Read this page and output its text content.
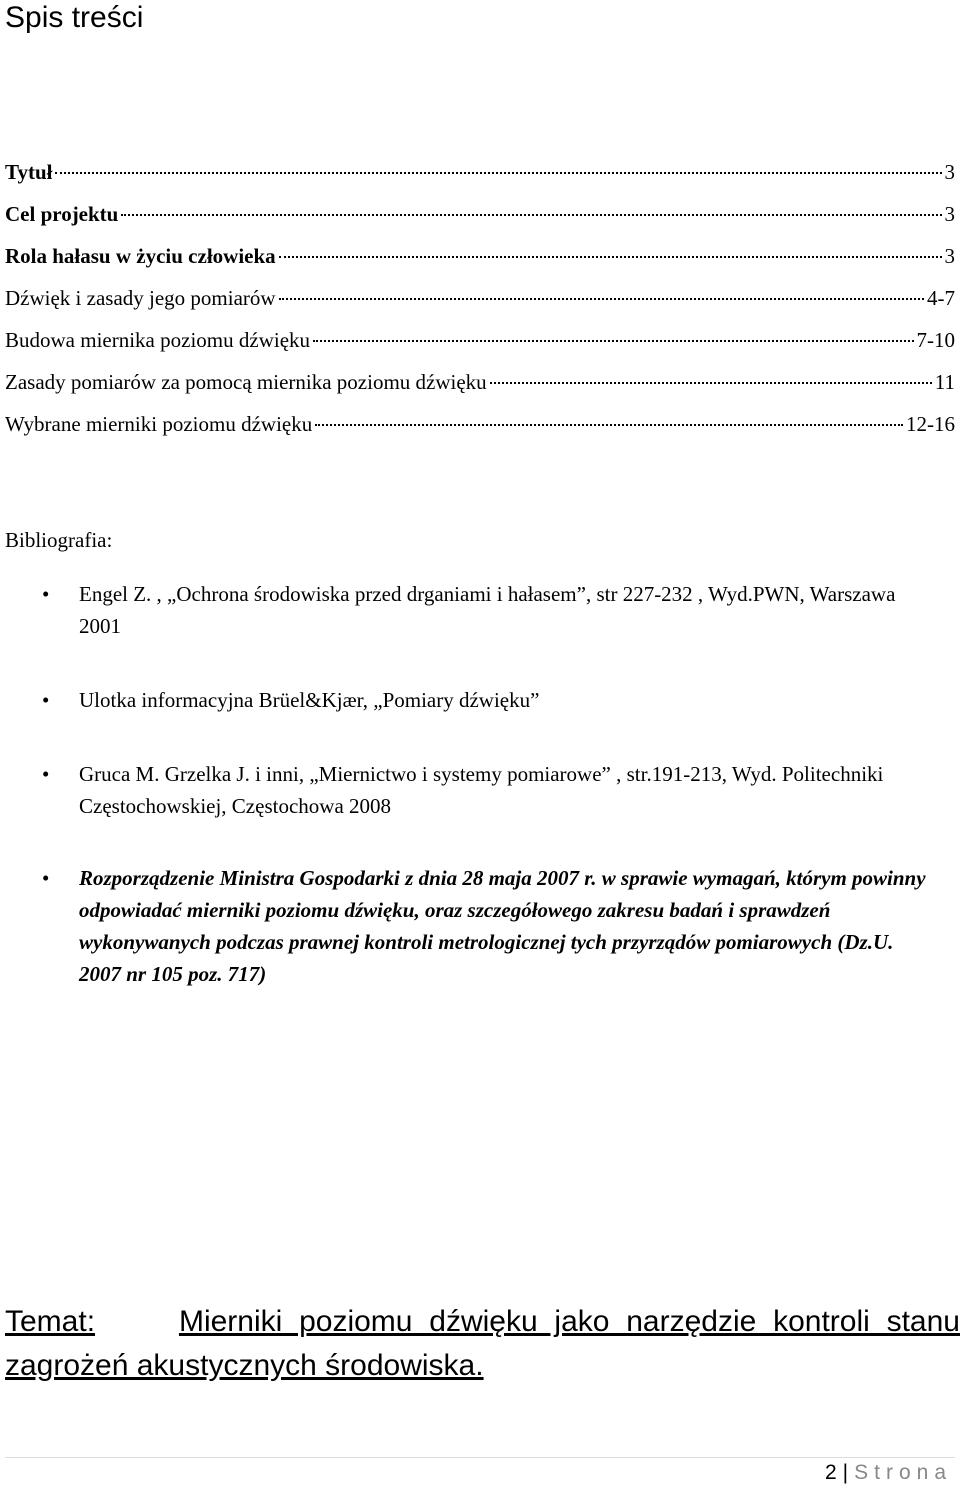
Spis treści
Tytuł	3
Cel projektu	3
Rola hałasu w życiu człowieka	3
Dźwięk i zasady jego pomiarów	4-7
Budowa miernika poziomu dźwięku	7-10
Zasady pomiarów za pomocą miernika poziomu dźwięku	11
Wybrane mierniki poziomu dźwięku	12-16

Bibliografia:

• Engel Z. , „Ochrona środowiska przed drganiami i hałasem”, str 227-232 , Wyd.PWN, Warszawa 2001
• Ulotka informacyjna Brüel&Kjær, „Pomiary dźwięku”
• Gruca M. Grzelka J. i inni, „Miernictwo i systemy pomiarowe” , str.191-213, Wyd. Politechniki Częstochowskiej, Częstochowa 2008
• Rozporządzenie Ministra Gospodarki z dnia 28 maja 2007 r. w sprawie wymagań, którym powinny odpowiadać mierniki poziomu dźwięku, oraz szczegółowego zakresu badań i sprawdzeń wykonywanych podczas prawnej kontroli metrologicznej tych przyrządów pomiarowych (Dz.U. 2007 nr 105 poz. 717)
Temat:	Mierniki poziomu dźwięku jako narzędzie kontroli stanu zagrożeń akustycznych środowiska.
2 | Strona
